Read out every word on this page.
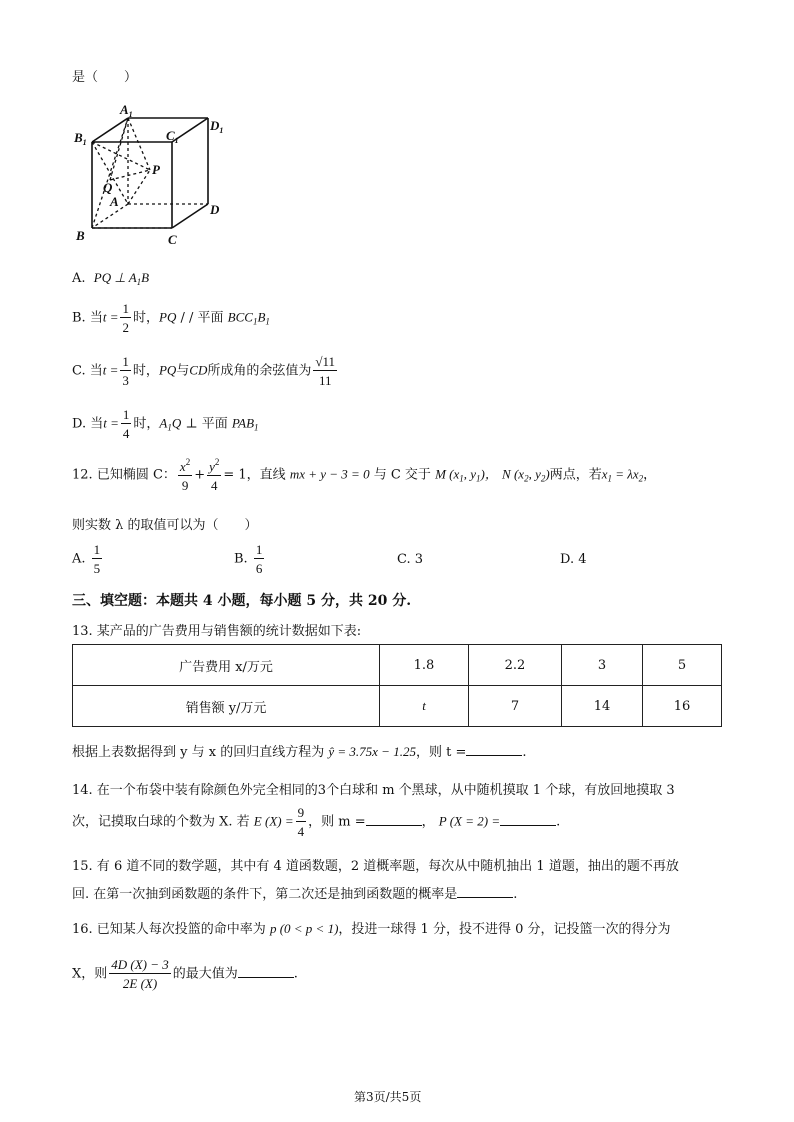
是（　　）
$A_1$
$B_1$	$C_1$
$D_1$
P
Q
A
B	C
D
A. PQ ⊥ $A_1B$
B. 当$t = \frac{1}{2}$ 时，PQ / / 平面 $BCC_1B_1$
C. 当$t = \frac{1}{3}$ 时，PQ与CD所成角的余弦值为 $\frac{√11}{11}$
D. 当$t = \frac{1}{4}$ 时，$A_1Q$ ⊥ 平面 $PAB_1$
12. 已知椭圆 C： $\frac{x^2}{9} + \frac{y^2}{4} = 1$，直线 mx + y − 3 = 0 与 C 交于 M ($x_1$, $y_1$)， N ($x_2$, $y_2$)两点，若$x_1 = \lambda x_2$，
则实数 λ 的取值可以为（　　）
A. $\frac{1}{5}$	B. $\frac{1}{6}$	C. 3	D. 4
三、填空题：本题共 4 小题，每小题 5 分，共 20 分.
13. 某产品的广告费用与销售额的统计数据如下表:
广告费用 x/万元	1.8	2.2	3	5
销售额 y/万元	t	7	14	16
根据上表数据得到 y 与 x 的回归直线方程为 ŷ = 3.75x − 1.25，则 t =	.
14. 在一个布袋中装有除颜色外完全相同的3个白球和 m 个黑球，从中随机摸取 1 个球，有放回地摸取 3
次，记摸取白球的个数为 X. 若 E $(X) = \frac{9}{4}$ ，则 m =	， P (X = 2) =	.
15. 有 6 道不同的数学题，其中有 4 道函数题，2 道概率题，每次从中随机抽出 1 道题，抽出的题不再放
回. 在第一次抽到函数题的条件下，第二次还是抽到函数题的概率是	.
16. 已知某人每次投篮的命中率为 p (0 < p < 1)，投进一球得 1 分，投不进得 0 分，记投篮一次的得分为
X，则 $\frac{4D (X) - 3}{2E (X)}$ 的最大值为	.
第3页/共5页
